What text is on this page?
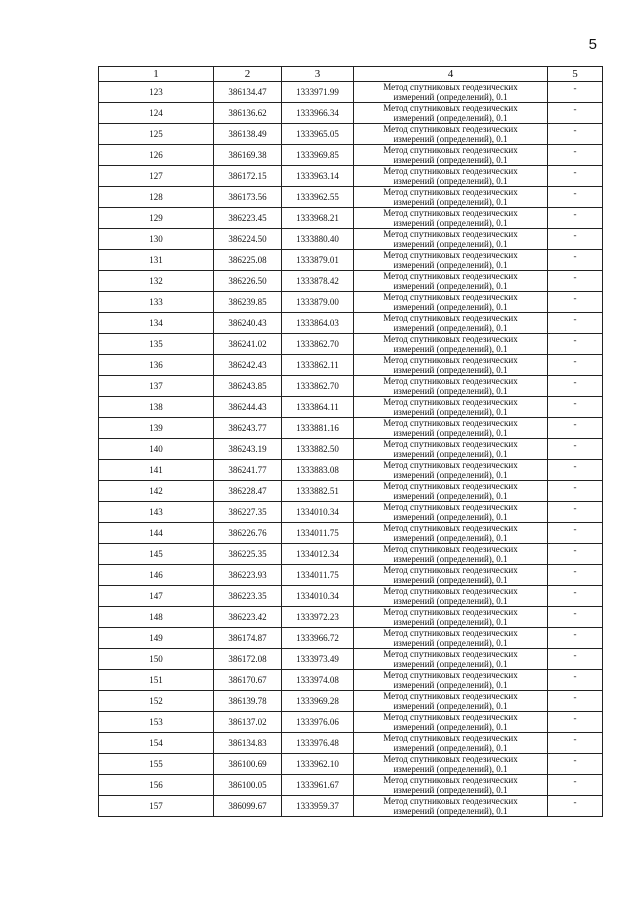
5
1	2	3	4	5
123	386134.47	1333971.99	Метод спутниковых геодезических
измерений (определений), 0.1	-
124	386136.62	1333966.34	Метод спутниковых геодезических
измерений (определений), 0.1	-
125	386138.49	1333965.05	Метод спутниковых геодезических
измерений (определений), 0.1	-
126	386169.38	1333969.85	Метод спутниковых геодезических
измерений (определений), 0.1	-
127	386172.15	1333963.14	Метод спутниковых геодезических
измерений (определений), 0.1	-
128	386173.56	1333962.55	Метод спутниковых геодезических
измерений (определений), 0.1	-
129	386223.45	1333968.21	Метод спутниковых геодезических
измерений (определений), 0.1	-
130	386224.50	1333880.40	Метод спутниковых геодезических
измерений (определений), 0.1	-
131	386225.08	1333879.01	Метод спутниковых геодезических
измерений (определений), 0.1	-
132	386226.50	1333878.42	Метод спутниковых геодезических
измерений (определений), 0.1	-
133	386239.85	1333879.00	Метод спутниковых геодезических
измерений (определений), 0.1	-
134	386240.43	1333864.03	Метод спутниковых геодезических
измерений (определений), 0.1	-
135	386241.02	1333862.70	Метод спутниковых геодезических
измерений (определений), 0.1	-
136	386242.43	1333862.11	Метод спутниковых геодезических
измерений (определений), 0.1	-
137	386243.85	1333862.70	Метод спутниковых геодезических
измерений (определений), 0.1	-
138	386244.43	1333864.11	Метод спутниковых геодезических
измерений (определений), 0.1	-
139	386243.77	1333881.16	Метод спутниковых геодезических
измерений (определений), 0.1	-
140	386243.19	1333882.50	Метод спутниковых геодезических
измерений (определений), 0.1	-
141	386241.77	1333883.08	Метод спутниковых геодезических
измерений (определений), 0.1	-
142	386228.47	1333882.51	Метод спутниковых геодезических
измерений (определений), 0.1	-
143	386227.35	1334010.34	Метод спутниковых геодезических
измерений (определений), 0.1	-
144	386226.76	1334011.75	Метод спутниковых геодезических
измерений (определений), 0.1	-
145	386225.35	1334012.34	Метод спутниковых геодезических
измерений (определений), 0.1	-
146	386223.93	1334011.75	Метод спутниковых геодезических
измерений (определений), 0.1	-
147	386223.35	1334010.34	Метод спутниковых геодезических
измерений (определений), 0.1	-
148	386223.42	1333972.23	Метод спутниковых геодезических
измерений (определений), 0.1	-
149	386174.87	1333966.72	Метод спутниковых геодезических
измерений (определений), 0.1	-
150	386172.08	1333973.49	Метод спутниковых геодезических
измерений (определений), 0.1	-
151	386170.67	1333974.08	Метод спутниковых геодезических
измерений (определений), 0.1	-
152	386139.78	1333969.28	Метод спутниковых геодезических
измерений (определений), 0.1	-
153	386137.02	1333976.06	Метод спутниковых геодезических
измерений (определений), 0.1	-
154	386134.83	1333976.48	Метод спутниковых геодезических
измерений (определений), 0.1	-
155	386100.69	1333962.10	Метод спутниковых геодезических
измерений (определений), 0.1	-
156	386100.05	1333961.67	Метод спутниковых геодезических
измерений (определений), 0.1	-
157	386099.67	1333959.37	Метод спутниковых геодезических
измерений (определений), 0.1	-
